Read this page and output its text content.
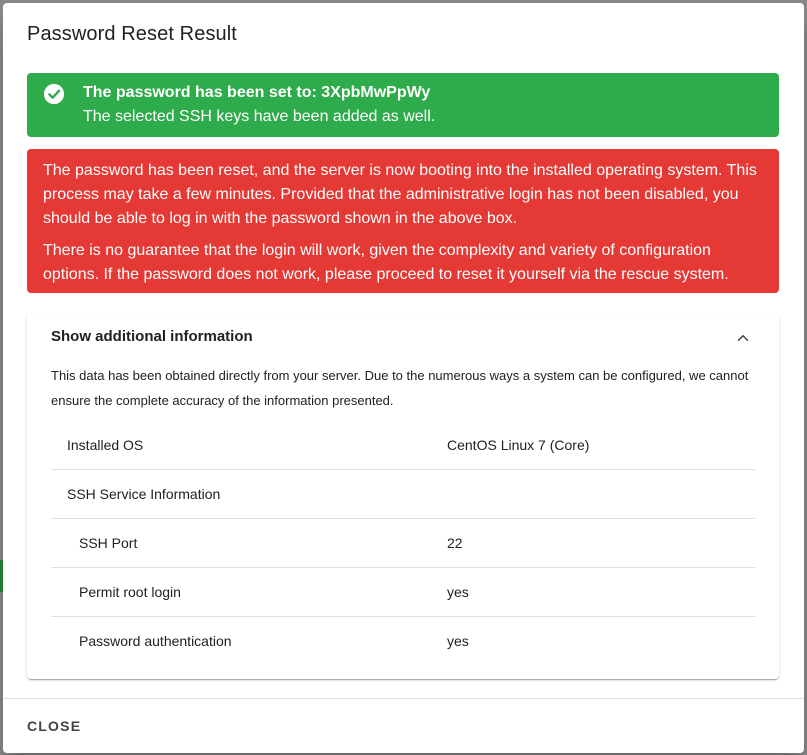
Password Reset Result
The password has been set to: 3XpbMwPpWy
The selected SSH keys have been added as well.
The password has been reset, and the server is now booting into the installed operating system. This process may take a few minutes. Provided that the administrative login has not been disabled, you should be able to log in with the password shown in the above box.
There is no guarantee that the login will work, given the complexity and variety of configuration options. If the password does not work, please proceed to reset it yourself via the rescue system.
Show additional information
This data has been obtained directly from your server. Due to the numerous ways a system can be configured, we cannot ensure the complete accuracy of the information presented.
Installed OS	CentOS Linux 7 (Core)
SSH Service Information
SSH Port	22
Permit root login	yes
Password authentication	yes
CLOSE
